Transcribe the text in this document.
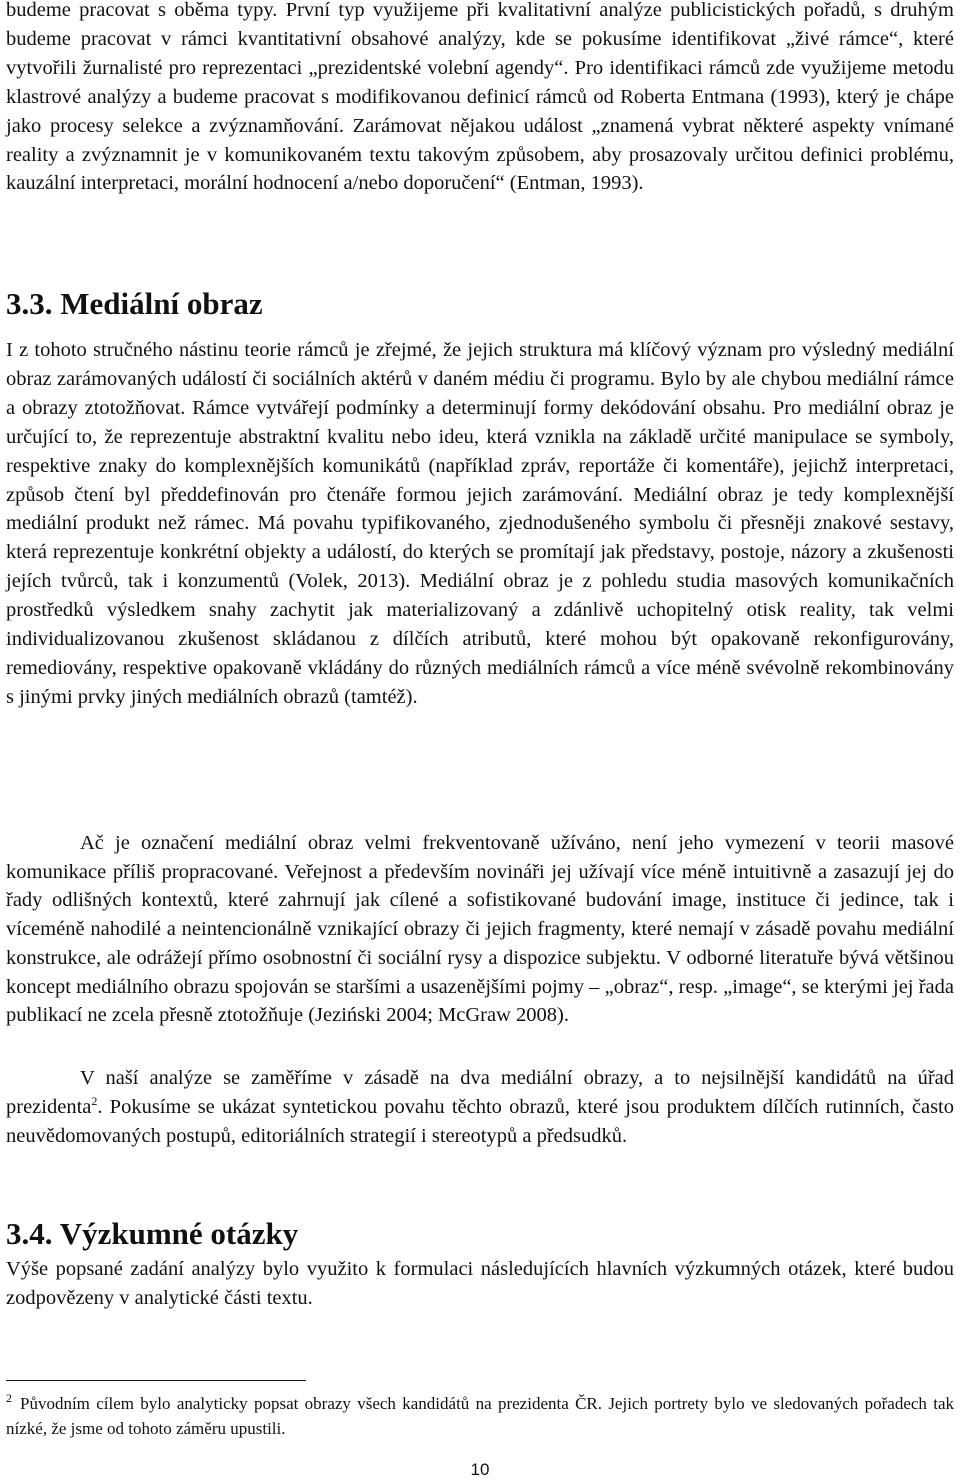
budeme pracovat s oběma typy. První typ využijeme při kvalitativní analýze publicistických pořadů, s druhým budeme pracovat v rámci kvantitativní obsahové analýzy, kde se pokusíme identifikovat „živé rámce“, které vytvořili žurnalisté pro reprezentaci „prezidentské volební agendy“. Pro identifikaci rámců zde využijeme metodu klastrové analýzy a budeme pracovat s modifikovanou definicí rámců od Roberta Entmana (1993), který je chápe jako procesy selekce a zvýznamňování. Zarámovat nějakou událost „znamená vybrat některé aspekty vnímané reality a zvýznamnit je v komunikovaném textu takovým způsobem, aby prosazovaly určitou definici problému, kauzální interpretaci, morální hodnocení a/nebo doporučení“ (Entman, 1993).

3.3. Mediální obraz

I z tohoto stručného nástinu teorie rámců je zřejmé, že jejich struktura má klíčový význam pro výsledný mediální obraz zarámovaných událostí či sociálních aktérů v daném médiu či programu. Bylo by ale chybou mediální rámce a obrazy ztotožňovat. Rámce vytvářejí podmínky a determinují formy dekódování obsahu. Pro mediální obraz je určující to, že reprezentuje abstraktní kvalitu nebo ideu, která vznikla na základě určité manipulace se symboly, respektive znaky do komplexnějších komunikátů (například zpráv, reportáže či komentáře), jejichž interpretaci, způsob čtení byl předdefinován pro čtenáře formou jejich zarámování. Mediální obraz je tedy komplexnější mediální produkt než rámec. Má povahu typifikovaného, zjednodušeného symbolu či přesněji znakové sestavy, která reprezentuje konkrétní objekty a událostí, do kterých se promítají jak představy, postoje, názory a zkušenosti jejích tvůrců, tak i konzumentů (Volek, 2013). Mediální obraz je z pohledu studia masových komunikačních prostředků výsledkem snahy zachytit jak materializovaný a zdánlivě uchopitelný otisk reality, tak velmi individualizovanou zkušenost skládanou z dílčích atributů, které mohou být opakovaně rekonfigurovány, remediovány, respektive opakovaně vkládány do různých mediálních rámců a více méně svévolně rekombinovány s jinými prvky jiných mediálních obrazů (tamtéž).

Ač je označení mediální obraz velmi frekventovaně užíváno, není jeho vymezení v teorii masové komunikace příliš propracované. Veřejnost a především novináři jej užívají více méně intuitivně a zasazují jej do řady odlišných kontextů, které zahrnují jak cílené a sofistikované budování image, instituce či jedince, tak i víceméně nahodilé a neintencionálně vznikající obrazy či jejich fragmenty, které nemají v zásadě povahu mediální konstrukce, ale odrážejí přímo osobnostní či sociální rysy a dispozice subjektu. V odborné literatuře bývá většinou koncept mediálního obrazu spojován se staršími a usazenějšími pojmy – „obraz“, resp. „image“, se kterými jej řada publikací ne zcela přesně ztotožňuje (Jeziński 2004; McGraw 2008).

V naší analýze se zaměříme v zásadě na dva mediální obrazy, a to nejsilnější kandidátů na úřad prezidenta$^2$. Pokusíme se ukázat syntetickou povahu těchto obrazů, které jsou produktem dílčích rutinních, často neuvědomovaných postupů, editoriálních strategií i stereotypů a předsudků.

3.4. Výzkumné otázky

Výše popsané zadání analýzy bylo využito k formulaci následujících hlavních výzkumných otázek, které budou zodpovězeny v analytické části textu.

$^2$ Původním cílem bylo analyticky popsat obrazy všech kandidátů na prezidenta ČR. Jejich portrety bylo ve sledovaných pořadech tak nízké, že jsme od tohoto záměru upustili.

10
